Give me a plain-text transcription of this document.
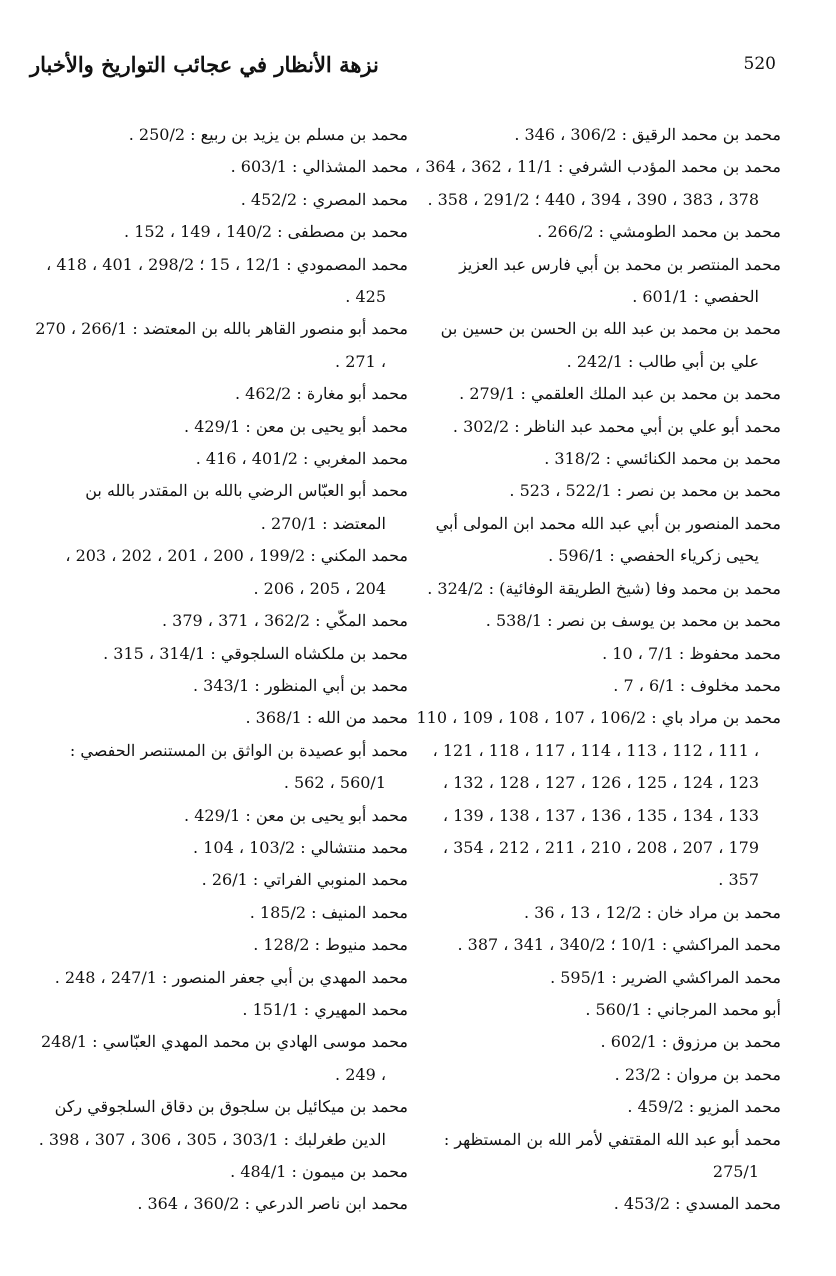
نزهة الأنظار في عجائب التواريخ والأخبار	520

محمد بن محمد الرقيق : 306/2 ، 346 .

محمد بن محمد المؤدب الشرفي : 11/1 ، 362 ، 364 ، 378 ، 383 ، 390 ، 394 ، 440 ؛ 291/2 ، 358 .

محمد بن محمد الطومشي : 266/2 .

محمد المنتصر بن محمد بن أبي فارس عبد العزيز الحفصي : 601/1 .

محمد بن محمد بن عبد الله بن الحسن بن حسين بن علي بن أبي طالب : 242/1 .

محمد بن محمد بن عبد الملك العلقمي : 279/1 .

محمد أبو علي بن أبي محمد عبد الناظر : 302/2 .

محمد بن محمد الكنائسي : 318/2 .

محمد بن محمد بن نصر : 522/1 ، 523 .

محمد المنصور بن أبي عبد الله محمد ابن المولى أبي يحيى زكرياء الحفصي : 596/1 .

محمد بن محمد وفا (شيخ الطريقة الوفائية) : 324/2 .

محمد بن محمد بن يوسف بن نصر : 538/1 .

محمد محفوظ : 7/1 ، 10 .

محمد مخلوف : 6/1 ، 7 .

محمد بن مراد باي : 106/2 ، 107 ، 108 ، 109 ، 110 ، 111 ، 112 ، 113 ، 114 ، 117 ، 118 ، 121 ، 123 ، 124 ، 125 ، 126 ، 127 ، 128 ، 132 ، 133 ، 134 ، 135 ، 136 ، 137 ، 138 ، 139 ، 179 ، 207 ، 208 ، 210 ، 211 ، 212 ، 354 ، 357 .

محمد بن مراد خان : 12/2 ، 13 ، 36 .

محمد المراكشي : 10/1 ؛ 340/2 ، 341 ، 387 .

محمد المراكشي الضرير : 595/1 .

أبو محمد المرجاني : 560/1 .

محمد بن مرزوق : 602/1 .

محمد بن مروان : 23/2 .

محمد المزيو : 459/2 .

محمد أبو عبد الله المقتفي لأمر الله بن المستظهر : 275/1

محمد المسدي : 453/2 .

محمد بن مسلم بن يزيد بن ربيع : 250/2 .

محمد المشذالي : 603/1 .

محمد المصري : 452/2 .

محمد بن مصطفى : 140/2 ، 149 ، 152 .

محمد المصمودي : 12/1 ، 15 ؛ 298/2 ، 401 ، 418 ، 425 .

محمد أبو منصور القاهر بالله بن المعتضد : 266/1 ، 270 ، 271 .

محمد أبو مغارة : 462/2 .

محمد أبو يحيى بن معن : 429/1 .

محمد المغربي : 401/2 ، 416 .

محمد أبو العبّاس الرضي بالله بن المقتدر بالله بن المعتضد : 270/1 .

محمد المكني : 199/2 ، 200 ، 201 ، 202 ، 203 ، 204 ، 205 ، 206 .

محمد المكّي : 362/2 ، 371 ، 379 .

محمد بن ملكشاه السلجوقي : 314/1 ، 315 .

محمد بن أبي المنظور : 343/1 .

محمد من الله : 368/1 .

محمد أبو عصيدة بن الواثق بن المستنصر الحفصي : 560/1 ، 562 .

محمد أبو يحيى بن معن : 429/1 .

محمد منتشالي : 103/2 ، 104 .

محمد المنوبي الفراتي : 26/1 .

محمد المنيف : 185/2 .

محمد منيوط : 128/2 .

محمد المهدي بن أبي جعفر المنصور : 247/1 ، 248 .

محمد المهيري : 151/1 .

محمد موسى الهادي بن محمد المهدي العبّاسي : 248/1 ، 249 .

محمد بن ميكائيل بن سلجوق بن دقاق السلجوقي ركن الدين طغرلبك : 303/1 ، 305 ، 306 ، 307 ، 398 .

محمد بن ميمون : 484/1 .

محمد ابن ناصر الدرعي : 360/2 ، 364 .
